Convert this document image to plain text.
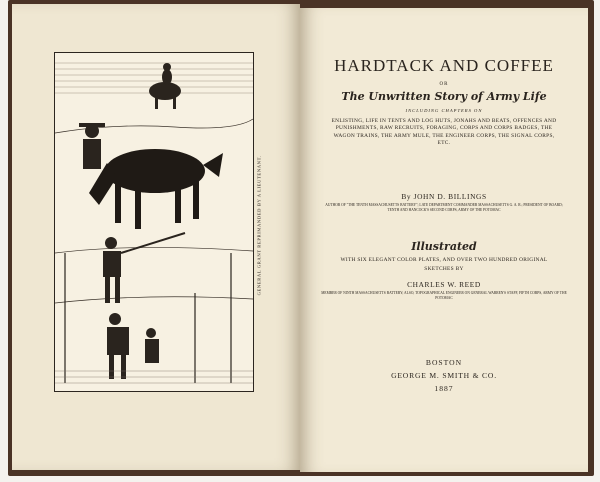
GENERAL GRANT REPRIMANDED BY A LIEUTENANT.
HARDTACK AND COFFEE
OR
The Unwritten Story of Army Life
INCLUDING CHAPTERS ON
ENLISTING, LIFE IN TENTS AND LOG HUTS, JONAHS AND BEATS, OFFENCES AND PUNISHMENTS, RAW RECRUITS, FORAGING, CORPS AND CORPS BADGES, THE WAGON TRAINS, THE ARMY MULE, THE ENGINEER CORPS, THE SIGNAL CORPS, ETC.
By JOHN D. BILLINGS
AUTHOR OF "THE TENTH MASSACHUSETTS BATTERY"; LATE DEPARTMENT COMMANDER MASSACHUSETTS G. A. R.; PRESIDENT OF BOARD; TENTH AND HANCOCK'S SECOND CORPS, ARMY OF THE POTOMAC
Illustrated
WITH SIX ELEGANT COLOR PLATES, AND OVER TWO HUNDRED ORIGINAL SKETCHES BY
CHARLES W. REED
MEMBER OF NINTH MASSACHUSETTS BATTERY; ALSO, TOPOGRAPHICAL ENGINEER ON GENERAL WARREN'S STAFF, FIFTH CORPS, ARMY OF THE POTOMAC
BOSTON
GEORGE M. SMITH & CO.
1887
